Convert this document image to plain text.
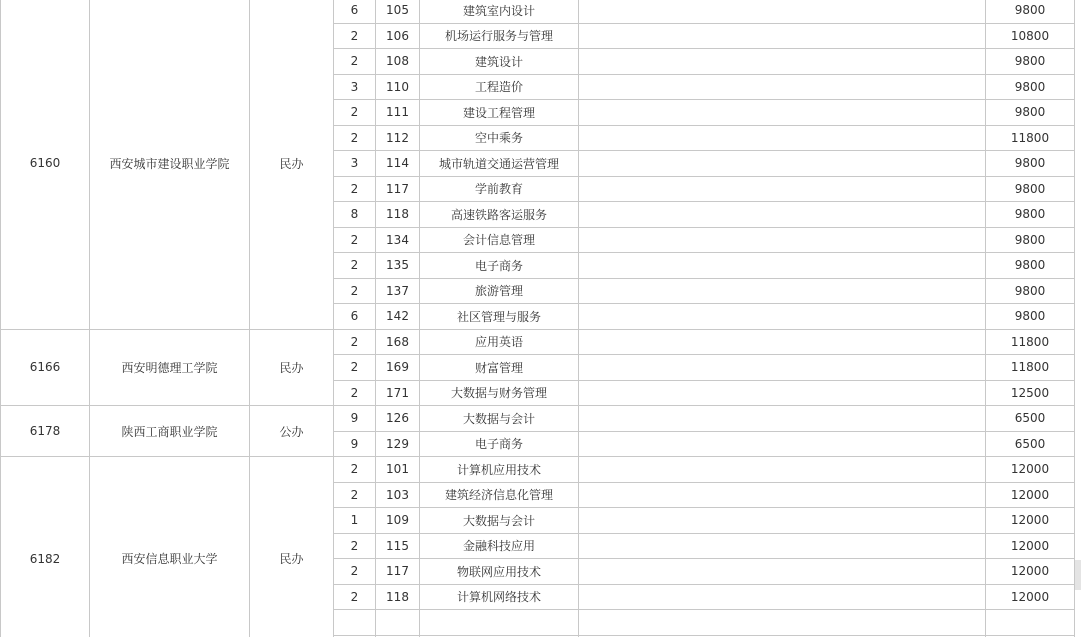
6160	西安城市建设职业学院	民办	6	105	建筑室内设计		9800
			2	106	机场运行服务与管理		10800
			2	108	建筑设计		9800
			3	110	工程造价		9800
			2	111	建设工程管理		9800
			2	112	空中乘务		11800
			3	114	城市轨道交通运营管理		9800
			2	117	学前教育		9800
			8	118	高速铁路客运服务		9800
			2	134	会计信息管理		9800
			2	135	电子商务		9800
			2	137	旅游管理		9800
			6	142	社区管理与服务		9800
6166	西安明德理工学院	民办	2	168	应用英语		11800
			2	169	财富管理		11800
			2	171	大数据与财务管理		12500
6178	陕西工商职业学院	公办	9	126	大数据与会计		6500
			9	129	电子商务		6500
6182	西安信息职业大学	民办	2	101	计算机应用技术		12000
			2	103	建筑经济信息化管理		12000
			1	109	大数据与会计		12000
			2	115	金融科技应用		12000
			2	117	物联网应用技术		12000
			2	118	计算机网络技术		12000
